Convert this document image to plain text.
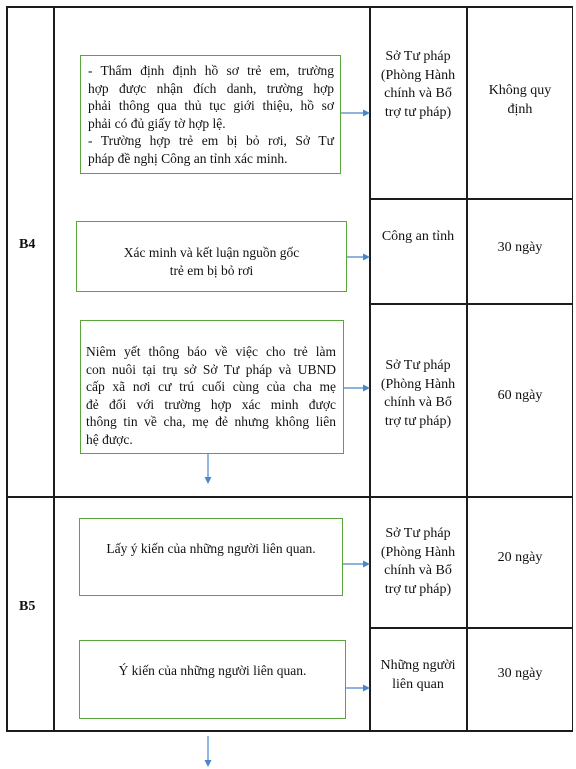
B4
B5
- Thẩm định định hồ sơ trẻ em, trường
hợp được nhận đích danh, trường hợp
phải thông qua thủ tục giới thiệu, hồ sơ
phải có đủ giấy tờ hợp lệ.
- Trường hợp trẻ em bị bỏ rơi, Sở Tư
pháp đề nghị Công an tỉnh xác minh.
Sở Tư pháp
(Phòng Hành
chính và Bổ
trợ tư pháp)
Không quy
định
Xác minh và kết luận nguồn gốc
trẻ em bị bỏ rơi
Công an tỉnh
30 ngày
Niêm yết thông báo về việc cho trẻ làm
con nuôi tại trụ sở Sở Tư pháp và UBND
cấp xã nơi cư trú cuối cùng của cha mẹ
đẻ đối với trường hợp xác minh được
thông tin về cha, mẹ đẻ nhưng không liên
hệ được.
Sở Tư pháp
(Phòng Hành
chính và Bổ
trợ tư pháp)
60 ngày
Lấy ý kiến của những người liên quan.
Sở Tư pháp
(Phòng Hành
chính và Bổ
trợ tư pháp)
20 ngày
Ý kiến của những người liên quan.	Những người
liên quan
30 ngày
